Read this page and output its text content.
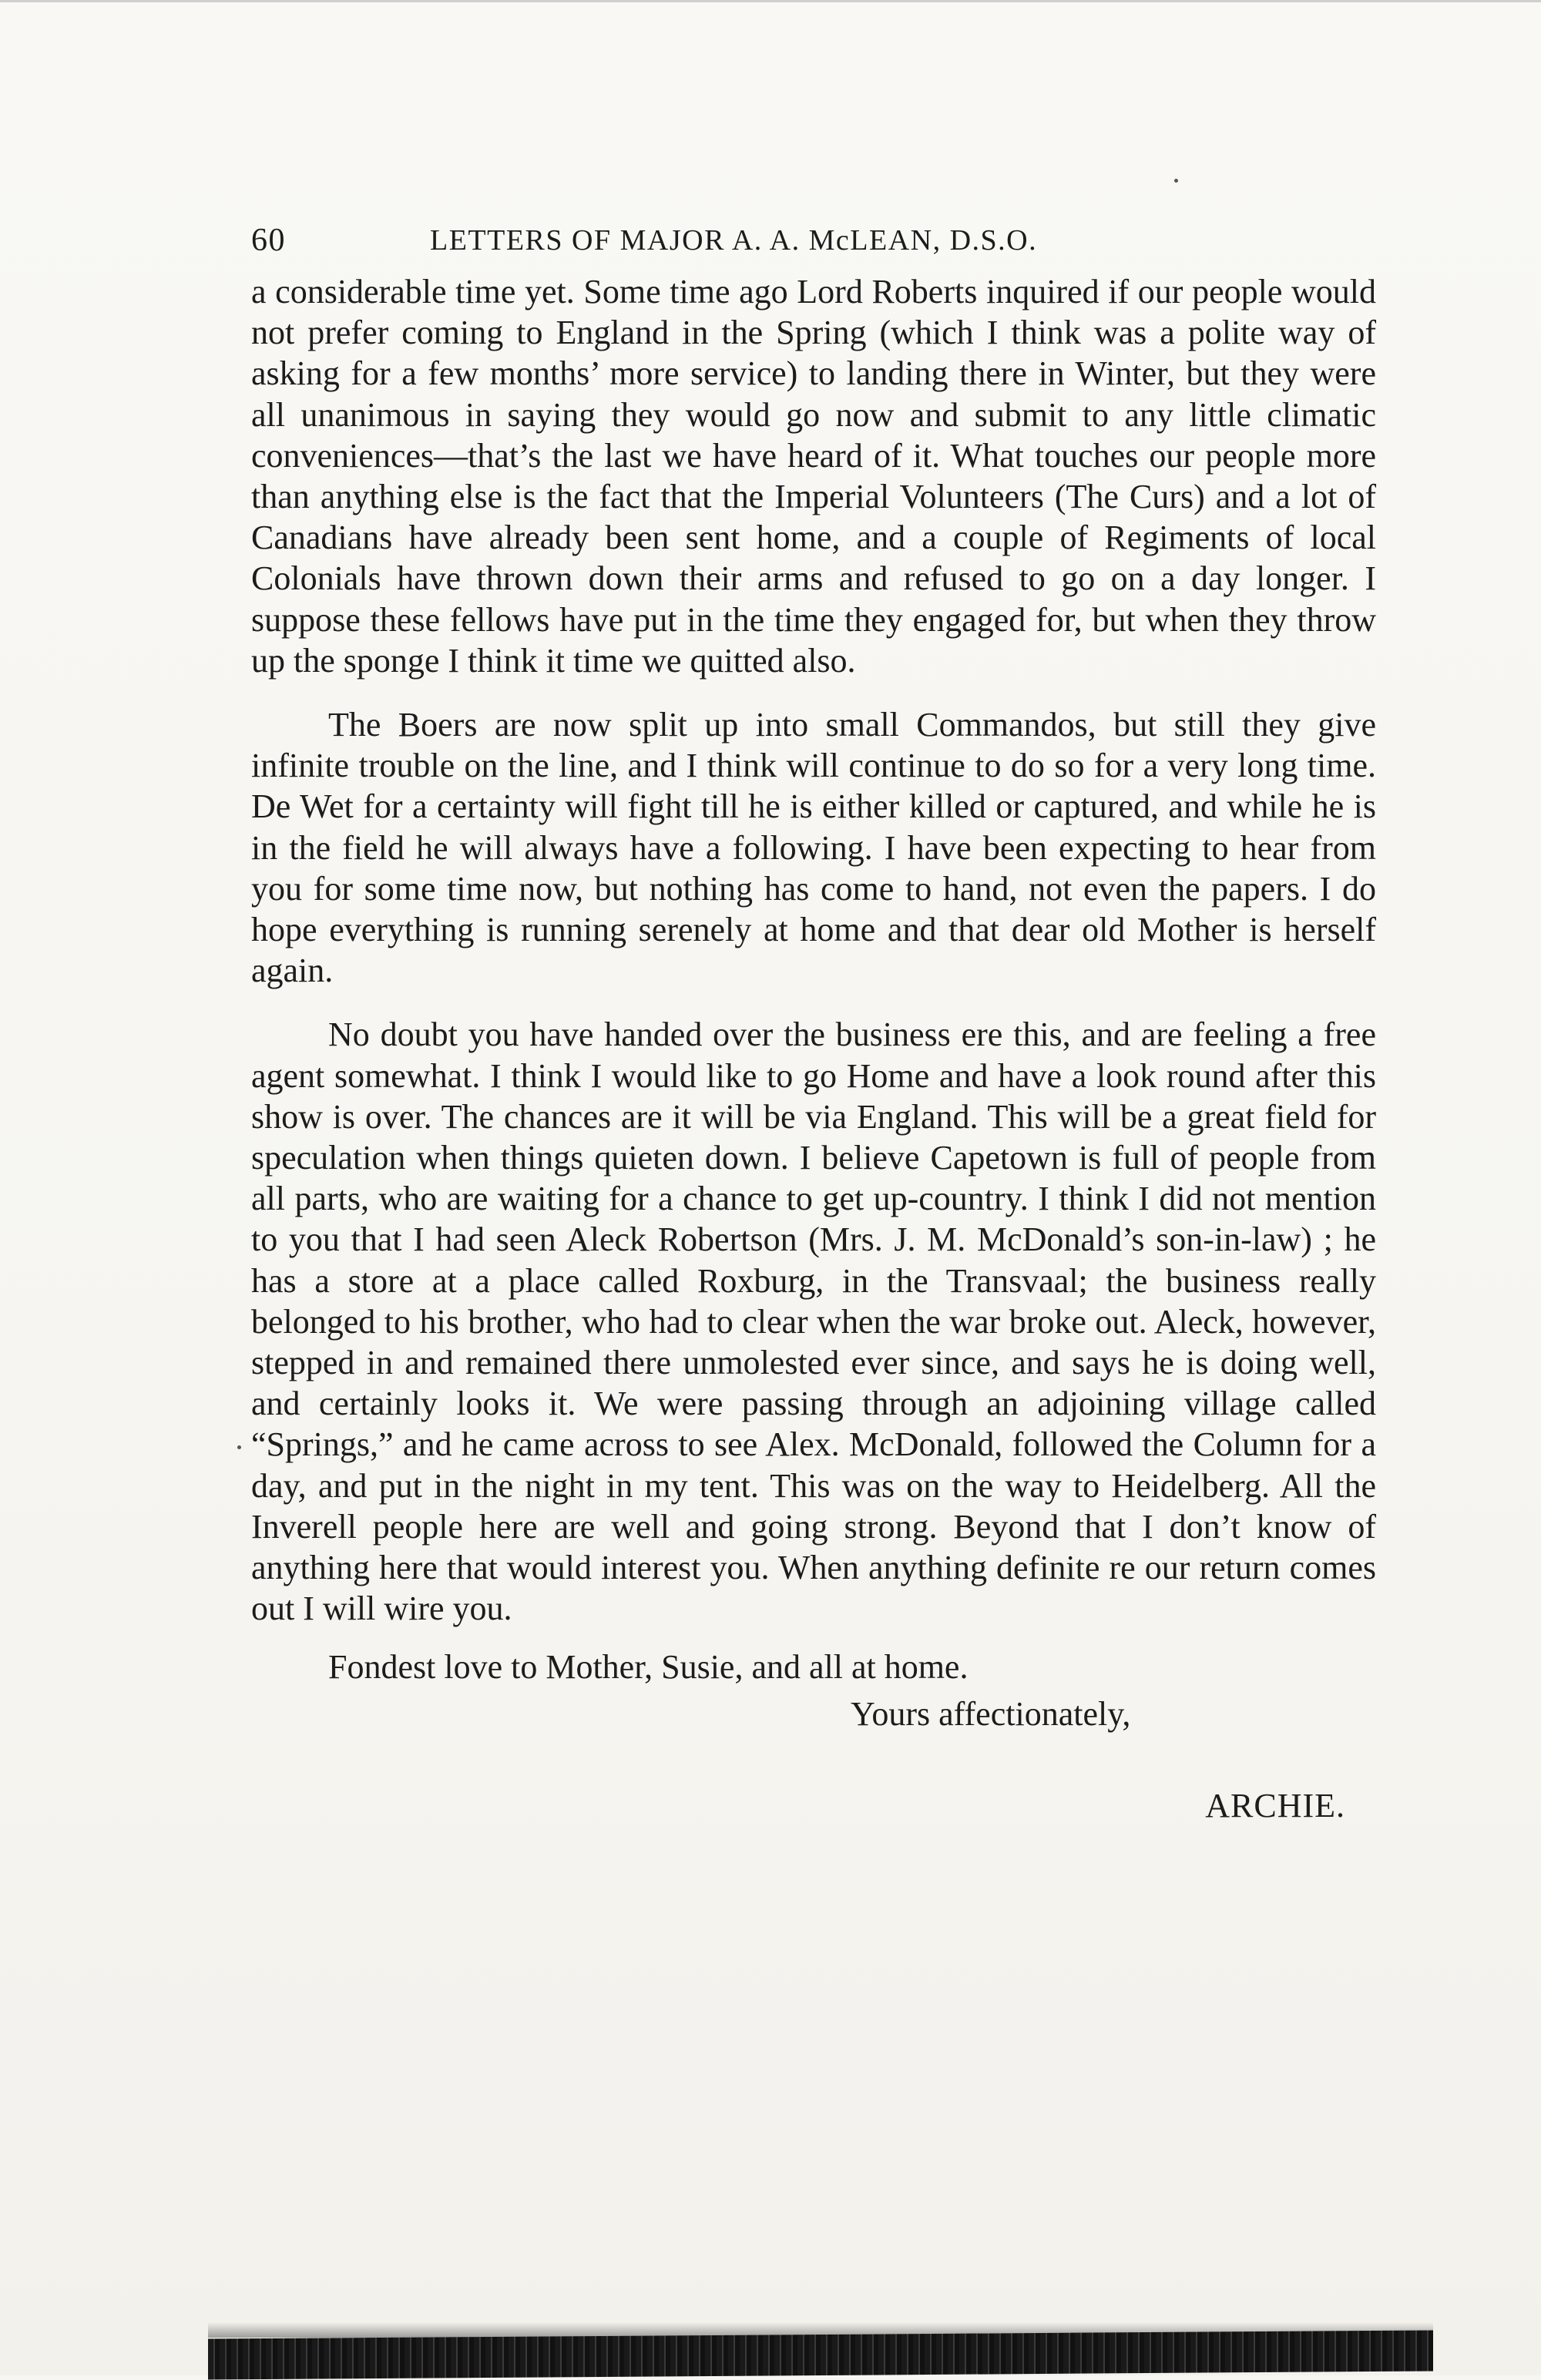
60	LETTERS OF MAJOR A. A. McLEAN, D.S.O.

a considerable time yet. Some time ago Lord Roberts inquired if our people would not prefer coming to England in the Spring (which I think was a polite way of asking for a few months’ more service) to landing there in Winter, but they were all unanimous in saying they would go now and submit to any little climatic conveniences—that’s the last we have heard of it. What touches our people more than anything else is the fact that the Imperial Volunteers (The Curs) and a lot of Canadians have already been sent home, and a couple of Regiments of local Colonials have thrown down their arms and refused to go on a day longer. I suppose these fellows have put in the time they engaged for, but when they throw up the sponge I think it time we quitted also.

The Boers are now split up into small Commandos, but still they give infinite trouble on the line, and I think will continue to do so for a very long time. De Wet for a certainty will fight till he is either killed or captured, and while he is in the field he will always have a following. I have been expecting to hear from you for some time now, but nothing has come to hand, not even the papers. I do hope everything is running serenely at home and that dear old Mother is herself again.

No doubt you have handed over the business ere this, and are feeling a free agent somewhat. I think I would like to go Home and have a look round after this show is over. The chances are it will be via England. This will be a great field for speculation when things quieten down. I believe Capetown is full of people from all parts, who are waiting for a chance to get up-country. I think I did not mention to you that I had seen Aleck Robertson (Mrs. J. M. McDonald’s son-in-law) ; he has a store at a place called Roxburg, in the Transvaal; the business really belonged to his brother, who had to clear when the war broke out. Aleck, however, stepped in and remained there unmolested ever since, and says he is doing well, and certainly looks it. We were passing through an adjoining village called “Springs,” and he came across to see Alex. McDonald, followed the Column for a day, and put in the night in my tent. This was on the way to Heidelberg. All the Inverell people here are well and going strong. Beyond that I don’t know of anything here that would interest you. When anything definite re our return comes out I will wire you.

Fondest love to Mother, Susie, and all at home.

Yours affectionately,
ARCHIE.
